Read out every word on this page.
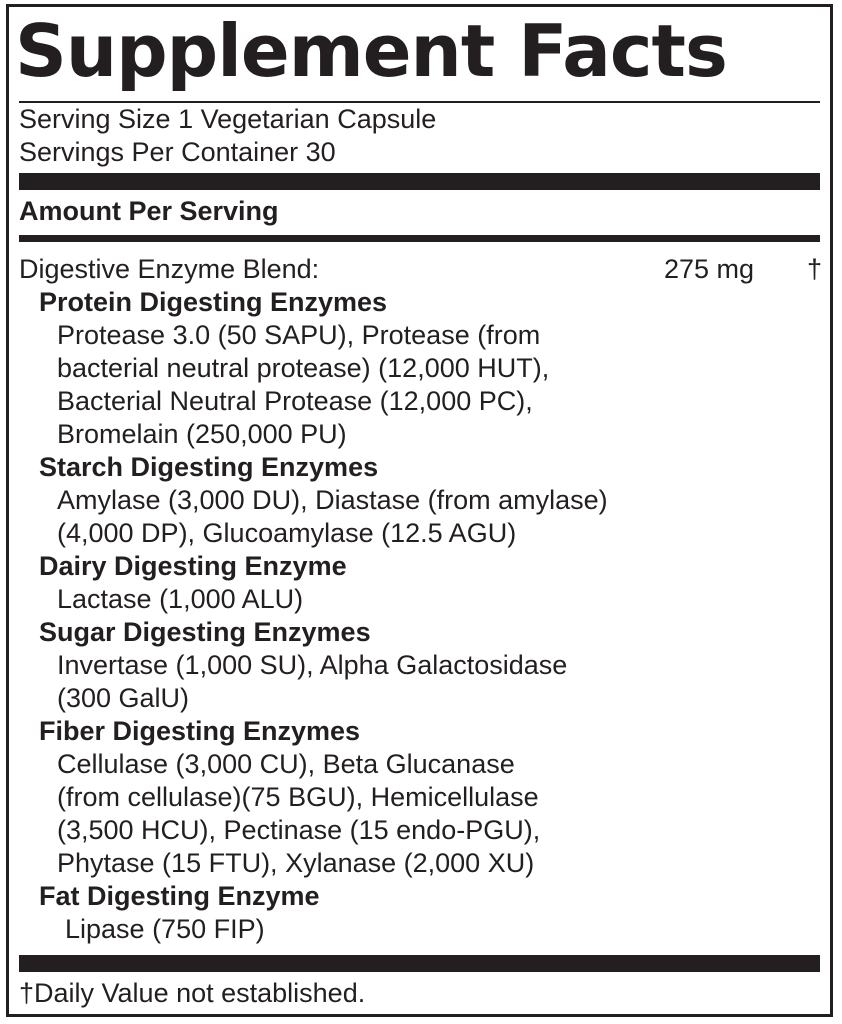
Supplement Facts
Serving Size 1 Vegetarian Capsule
Servings Per Container 30
Amount Per Serving
Digestive Enzyme Blend:	275 mg †
Protein Digesting Enzymes
Protease 3.0 (50 SAPU), Protease (from
bacterial neutral protease) (12,000 HUT),
Bacterial Neutral Protease (12,000 PC),
Bromelain (250,000 PU)
Starch Digesting Enzymes
Amylase (3,000 DU), Diastase (from amylase)
(4,000 DP), Glucoamylase (12.5 AGU)
Dairy Digesting Enzyme
Lactase (1,000 ALU)
Sugar Digesting Enzymes
Invertase (1,000 SU), Alpha Galactosidase
(300 GalU)
Fiber Digesting Enzymes
Cellulase (3,000 CU), Beta Glucanase
(from cellulase)(75 BGU), Hemicellulase
(3,500 HCU), Pectinase (15 endo-PGU),
Phytase (15 FTU), Xylanase (2,000 XU)
Fat Digesting Enzyme
Lipase (750 FIP)
†Daily Value not established.
